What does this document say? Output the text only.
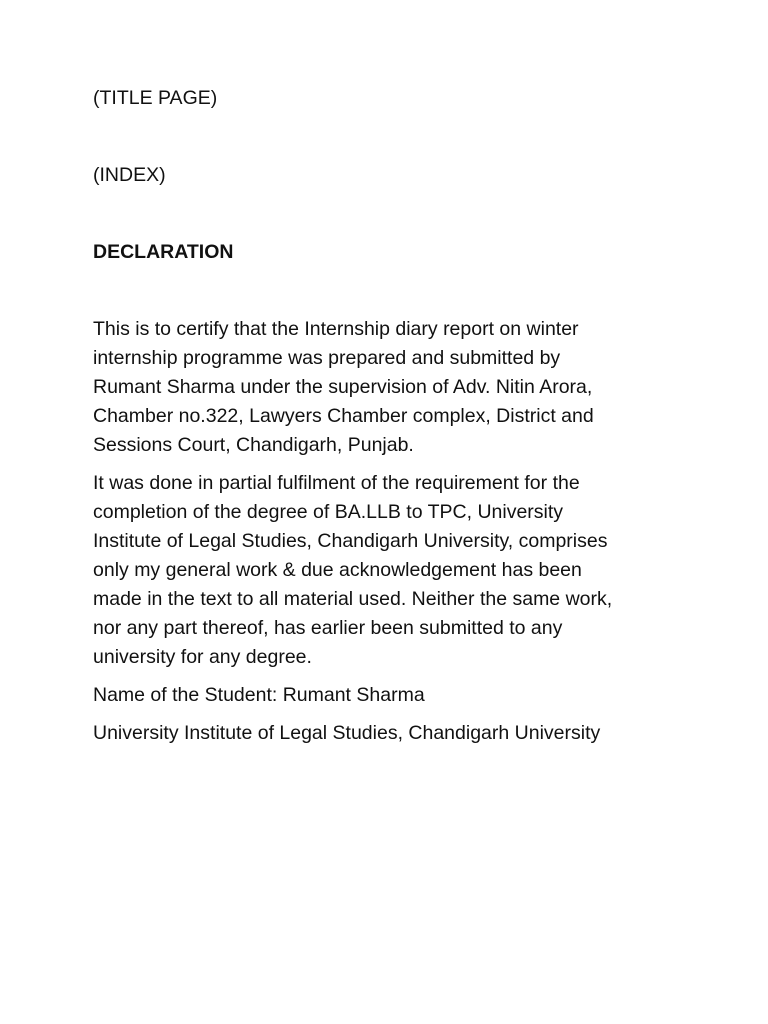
(TITLE PAGE)

(INDEX)

DECLARATION

This is to certify that the Internship diary report on winter
internship programme was prepared and submitted by
Rumant Sharma under the supervision of Adv. Nitin Arora,
Chamber no.322, Lawyers Chamber complex, District and
Sessions Court, Chandigarh, Punjab.

It was done in partial fulfilment of the requirement for the
completion of the degree of BA.LLB to TPC, University
Institute of Legal Studies, Chandigarh University, comprises
only my general work & due acknowledgement has been
made in the text to all material used. Neither the same work,
nor any part thereof, has earlier been submitted to any
university for any degree.

Name of the Student: Rumant Sharma

University Institute of Legal Studies, Chandigarh University
